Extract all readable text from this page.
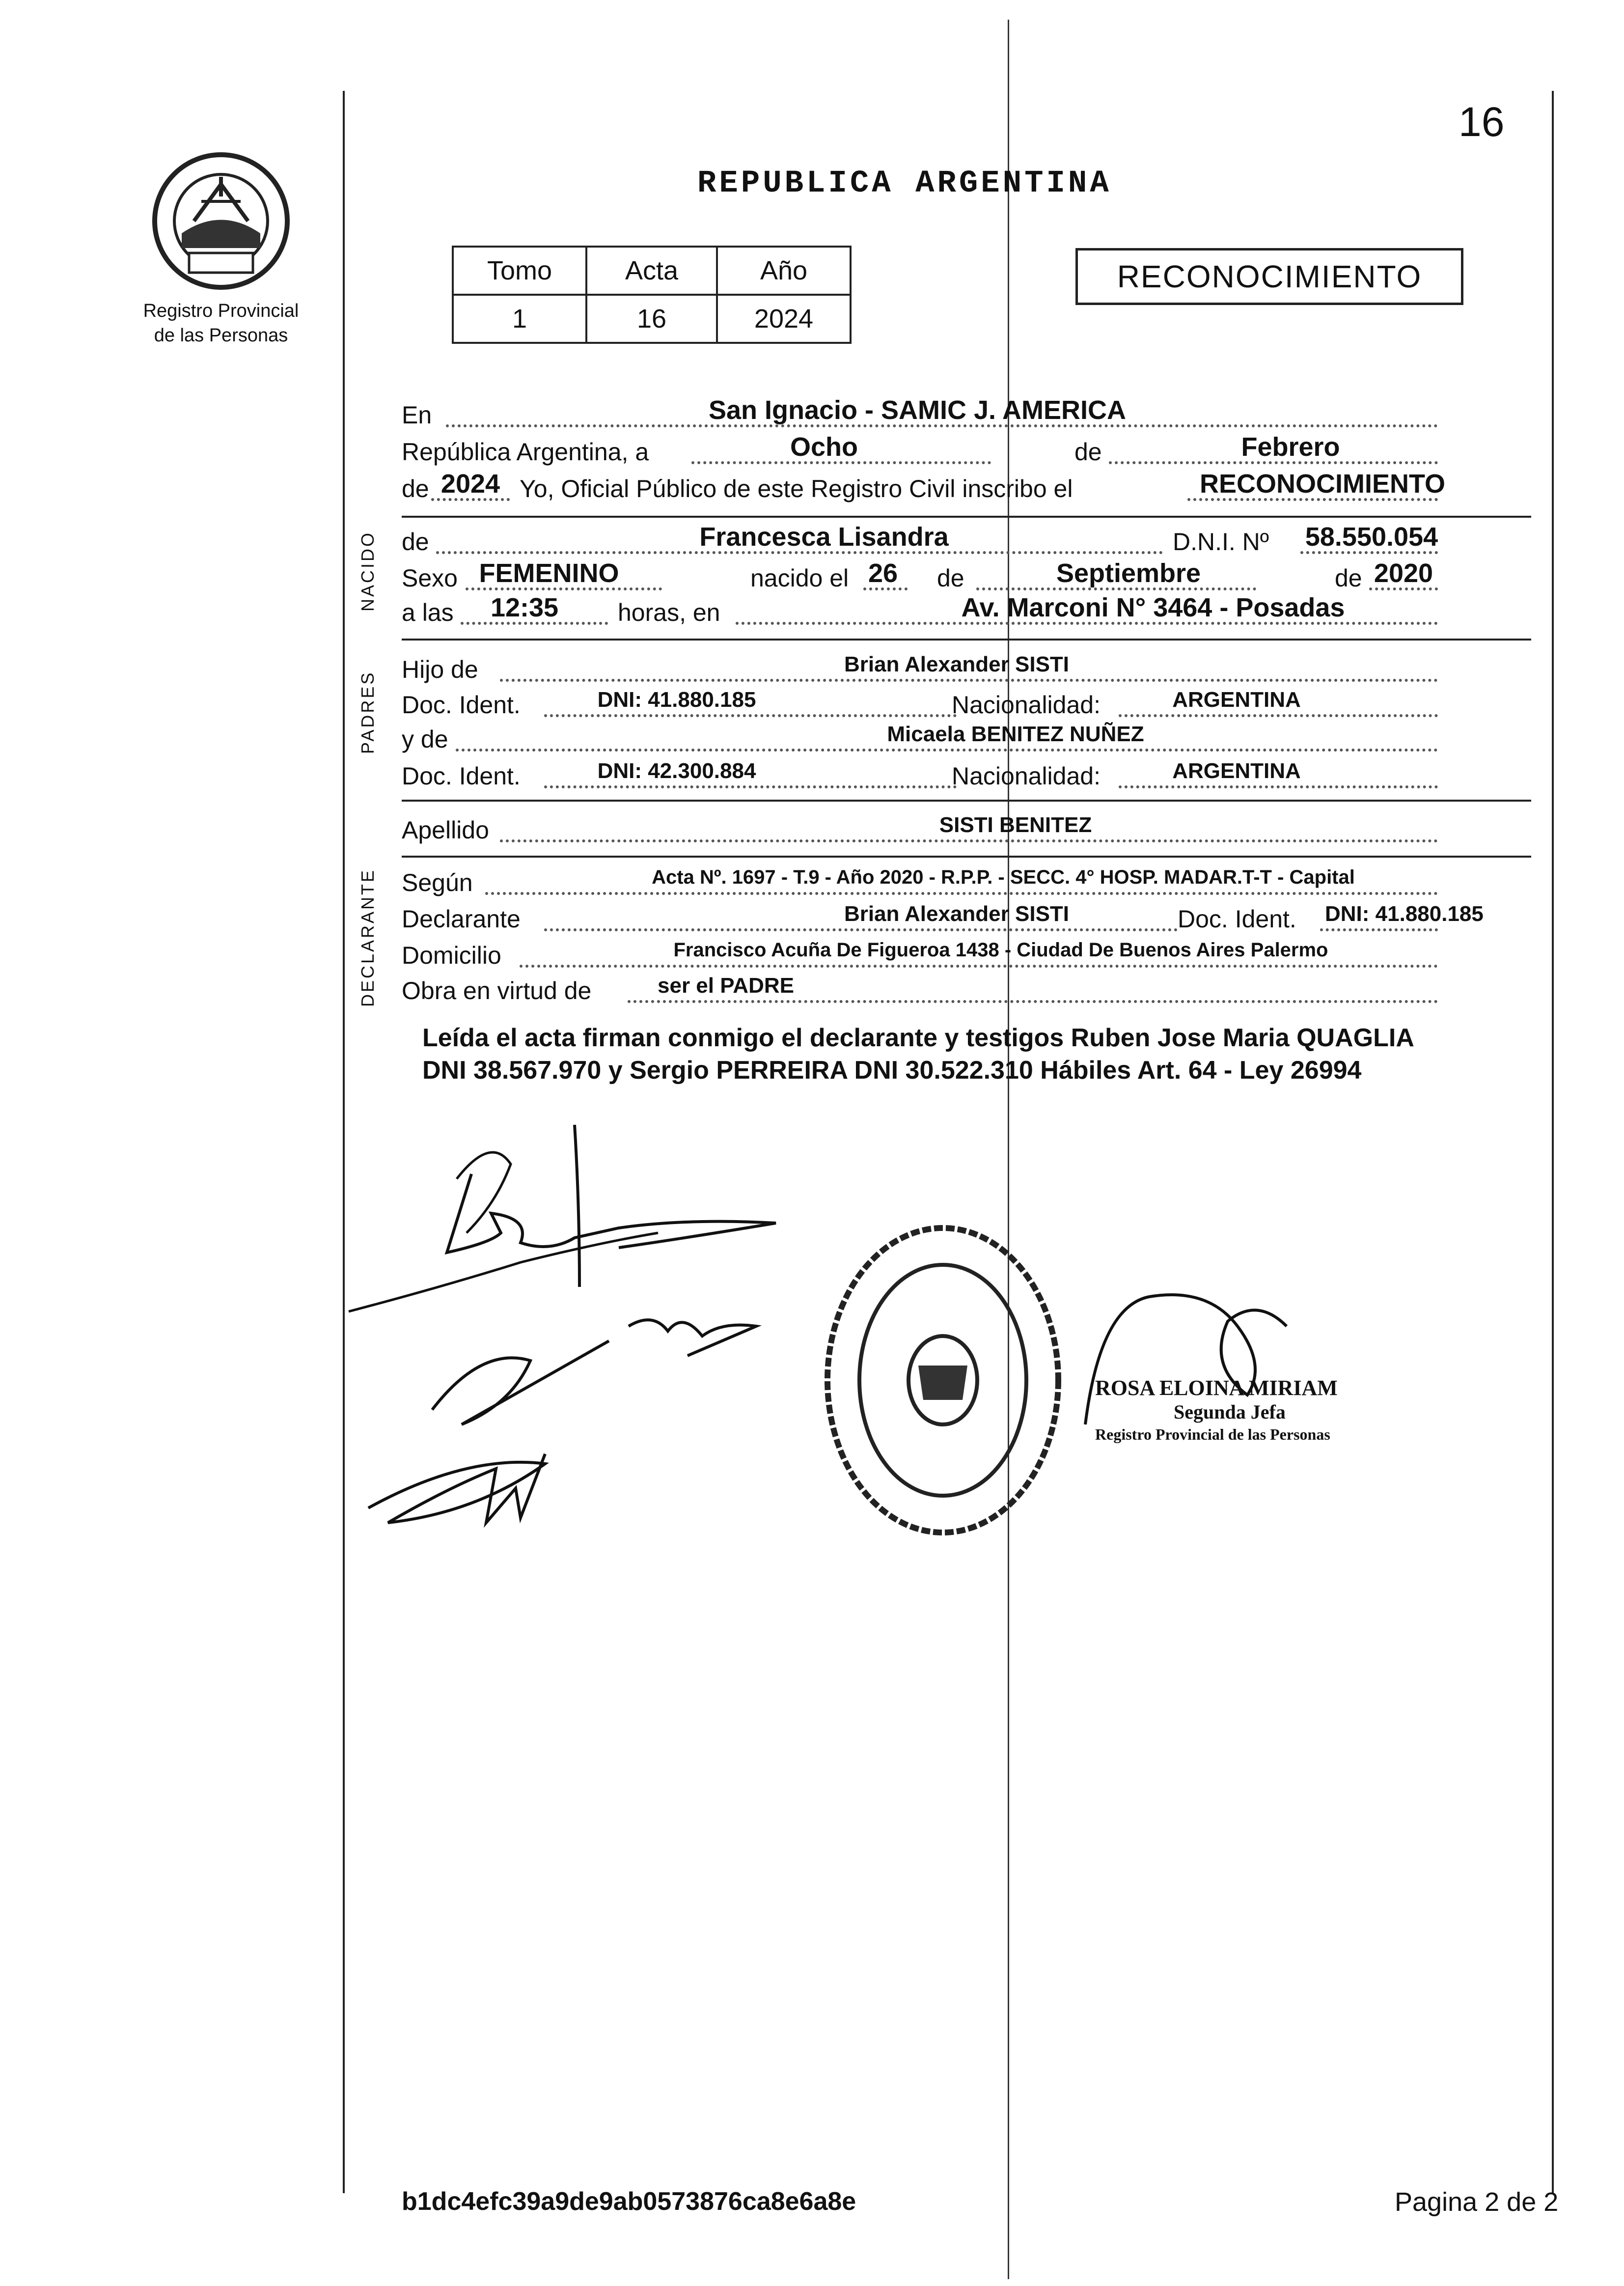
16
REPUBLICA ARGENTINA
Registro Provincial
de las Personas
Tomo	Acta	Año
1	16	2024
RECONOCIMIENTO
NACIDO
PADRES
DECLARANTE
En	San Ignacio - SAMIC J. AMERICA
República Argentina, a	Ocho	de	Febrero
de 2024 Yo, Oficial Público de este Registro Civil inscribo el	RECONOCIMIENTO
de	Francesca Lisandra	D.N.I. Nº	58.550.054
Sexo FEMENINO	nacido el 26	de	Septiembre	de 2020
a las	12:35	horas, en	Av. Marconi N° 3464 - Posadas
Hijo de	Brian Alexander SISTI
Doc. Ident.	DNI: 41.880.185	Nacionalidad:	ARGENTINA
y de	Micaela BENITEZ NUÑEZ
Doc. Ident.	DNI: 42.300.884	Nacionalidad:	ARGENTINA
Apellido	SISTI BENITEZ
Según	Acta Nº. 1697 - T.9 - Año 2020 - R.P.P. - SECC. 4° HOSP. MADAR.T-T - Capital
Declarante	Brian Alexander SISTI	Doc. Ident. DNI: 41.880.185
Domicilio	Francisco Acuña De Figueroa 1438 - Ciudad De Buenos Aires Palermo
Obra en virtud de	ser el PADRE
Leída el acta firman conmigo el declarante y testigos Ruben Jose Maria QUAGLIA
DNI 38.567.970 y Sergio PERREIRA DNI 30.522.310 Hábiles Art. 64 - Ley 26994
ROSA ELOINA MIRIAM
Segunda Jefa
Registro Provincial de las Personas
b1dc4efc39a9de9ab0573876ca8e6a8e	Pagina 2 de 2
